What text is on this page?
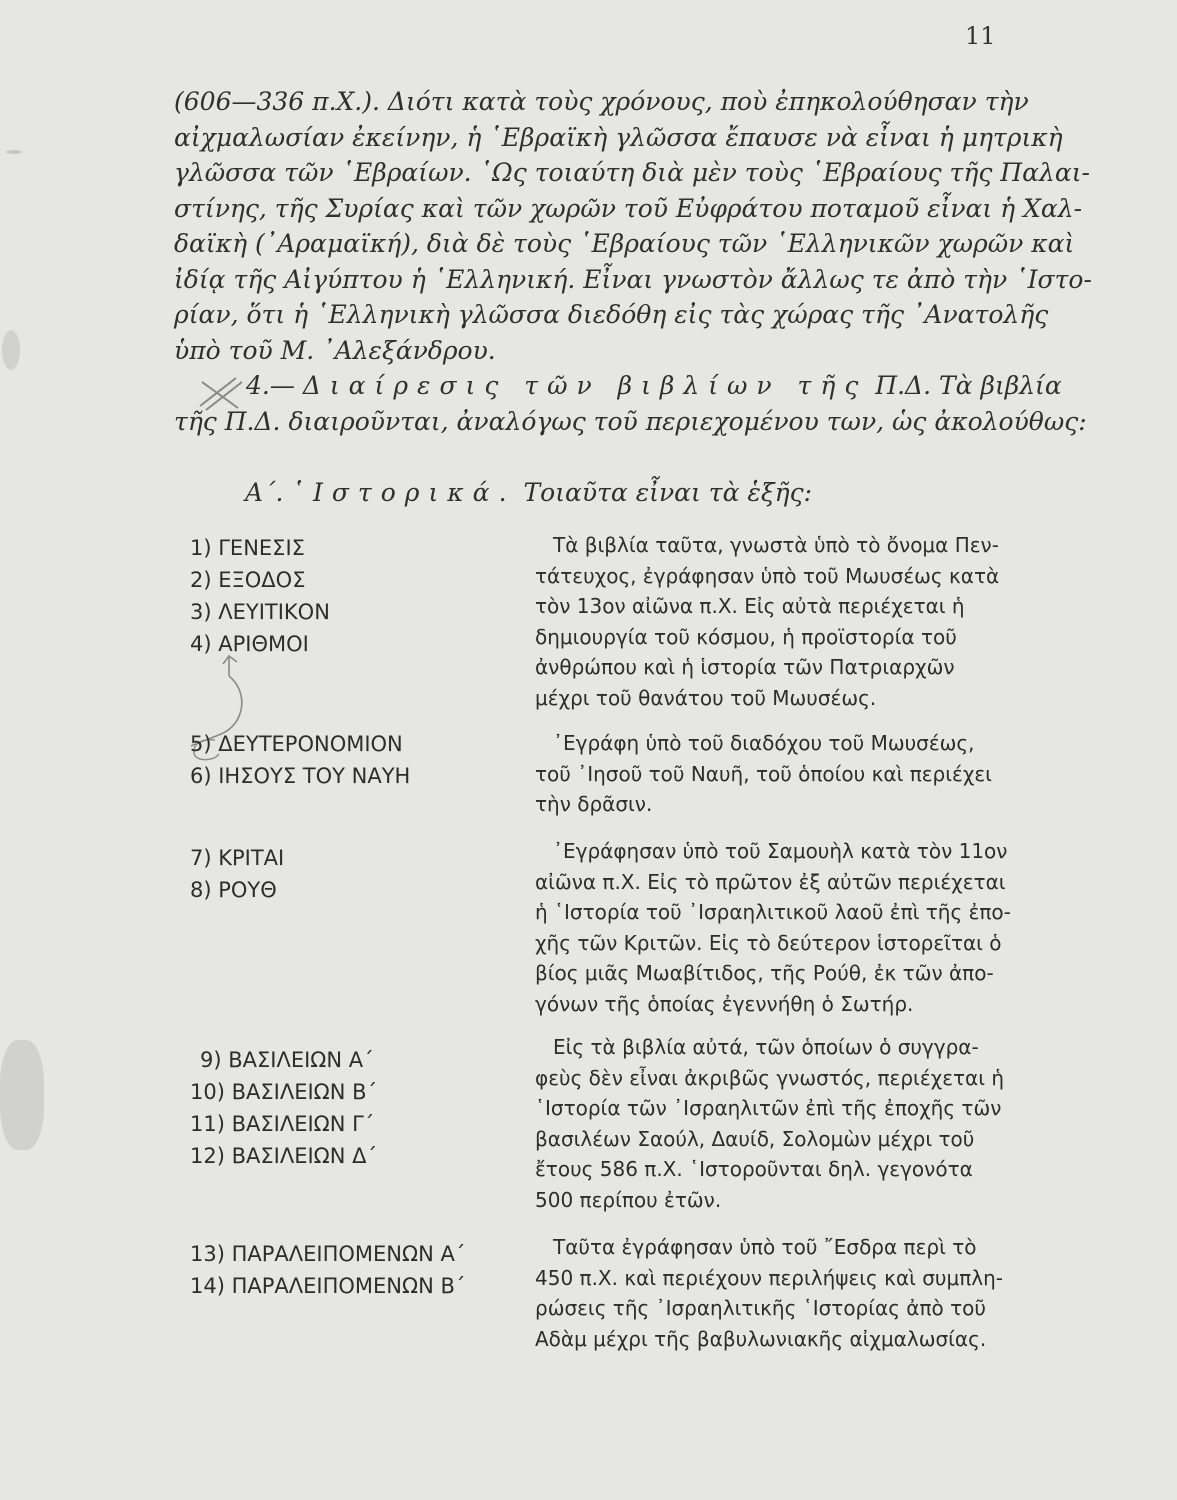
11

(606—336 π.Χ.). Διότι κατὰ τοὺς χρόνους, ποὺ ἐπηκολούθησαν τὴν

αἰχμαλωσίαν ἐκείνην, ἡ ῾Εβραϊκὴ γλῶσσα ἔπαυσε νὰ εἶναι ἡ μητρικὴ

γλῶσσα τῶν ῾Εβραίων. ῾Ως τοιαύτη διὰ μὲν τοὺς ῾Εβραίους τῆς Παλαι-

στίνης, τῆς Συρίας καὶ τῶν χωρῶν τοῦ Εὐφράτου ποταμοῦ εἶναι ἡ Χαλ-

δαϊκὴ (᾿Αραμαϊκή), διὰ δὲ τοὺς ῾Εβραίους τῶν ῾Ελληνικῶν χωρῶν καὶ

ἰδίᾳ τῆς Αἰγύπτου ἡ ῾Ελληνική. Εἶναι γνωστὸν ἄλλως τε ἀπὸ τὴν ῾Ιστο-

ρίαν, ὅτι ἡ ῾Ελληνικὴ γλῶσσα διεδόθη εἰς τὰς χώρας τῆς ᾿Ανατολῆς

ὑπὸ τοῦ Μ. ᾿Αλεξάνδρου.

4.— Διαίρεσις τῶν βιβλίων τῆς Π.Δ. Τὰ βιβλία

τῆς Π.Δ. διαιροῦνται, ἀναλόγως τοῦ περιεχομένου των, ὡς ἀκολούθως:

Α΄. ῾Ιστορικά. Τοιαῦτα εἶναι τὰ ἑξῆς:
1) ΓΕΝΕΣΙΣ
2) ΕΞΟΔΟΣ
3) ΛΕΥΙΤΙΚΟΝ
4) ΑΡΙΘΜΟΙ
Τὰ βιβλία ταῦτα, γνωστὰ ὑπὸ τὸ ὄνομα Πεν-
τάτευχος, ἐγράφησαν ὑπὸ τοῦ Μωυσέως κατὰ
τὸν 13ον αἰῶνα π.Χ. Εἰς αὐτὰ περιέχεται ἡ
δημιουργία τοῦ κόσμου, ἡ προϊστορία τοῦ
ἀνθρώπου καὶ ἡ ἱστορία τῶν Πατριαρχῶν
μέχρι τοῦ θανάτου τοῦ Μωυσέως.
5) ΔΕΥΤΕΡΟΝΟΜΙΟΝ
6) ΙΗΣΟΥΣ ΤΟΥ ΝΑΥΗ
᾿Εγράφη ὑπὸ τοῦ διαδόχου τοῦ Μωυσέως,
τοῦ ᾿Ιησοῦ τοῦ Ναυῆ, τοῦ ὁποίου καὶ περιέχει
τὴν δρᾶσιν.
7) ΚΡΙΤΑΙ
8) ΡΟΥΘ
᾿Εγράφησαν ὑπὸ τοῦ Σαμουὴλ κατὰ τὸν 11ον
αἰῶνα π.Χ. Εἰς τὸ πρῶτον ἐξ αὐτῶν περιέχεται
ἡ ῾Ιστορία τοῦ ᾿Ισραηλιτικοῦ λαοῦ ἐπὶ τῆς ἐπο-
χῆς τῶν Κριτῶν. Εἰς τὸ δεύτερον ἱστορεῖται ὁ
βίος μιᾶς Μωαβίτιδος, τῆς Ρούθ, ἐκ τῶν ἀπο-
γόνων τῆς ὁποίας ἐγεννήθη ὁ Σωτήρ.
9) ΒΑΣΙΛΕΙΩΝ Α΄
10) ΒΑΣΙΛΕΙΩΝ Β΄
11) ΒΑΣΙΛΕΙΩΝ Γ΄
12) ΒΑΣΙΛΕΙΩΝ Δ΄
Εἰς τὰ βιβλία αὐτά, τῶν ὁποίων ὁ συγγρα-
φεὺς δὲν εἶναι ἀκριβῶς γνωστός, περιέχεται ἡ
῾Ιστορία τῶν ᾿Ισραηλιτῶν ἐπὶ τῆς ἐποχῆς τῶν
βασιλέων Σαούλ, Δαυίδ, Σολομὼν μέχρι τοῦ
ἔτους 586 π.Χ. ῾Ιστοροῦνται δηλ. γεγονότα
500 περίπου ἐτῶν.
13) ΠΑΡΑΛΕΙΠΟΜΕΝΩΝ Α΄
14) ΠΑΡΑΛΕΙΠΟΜΕΝΩΝ Β΄
Ταῦτα ἐγράφησαν ὑπὸ τοῦ ῎Εσδρα περὶ τὸ
450 π.Χ. καὶ περιέχουν περιλήψεις καὶ συμπλη-
ρώσεις τῆς ᾿Ισραηλιτικῆς ῾Ιστορίας ἀπὸ τοῦ
Αδὰμ μέχρι τῆς βαβυλωνιακῆς αἰχμαλωσίας.
